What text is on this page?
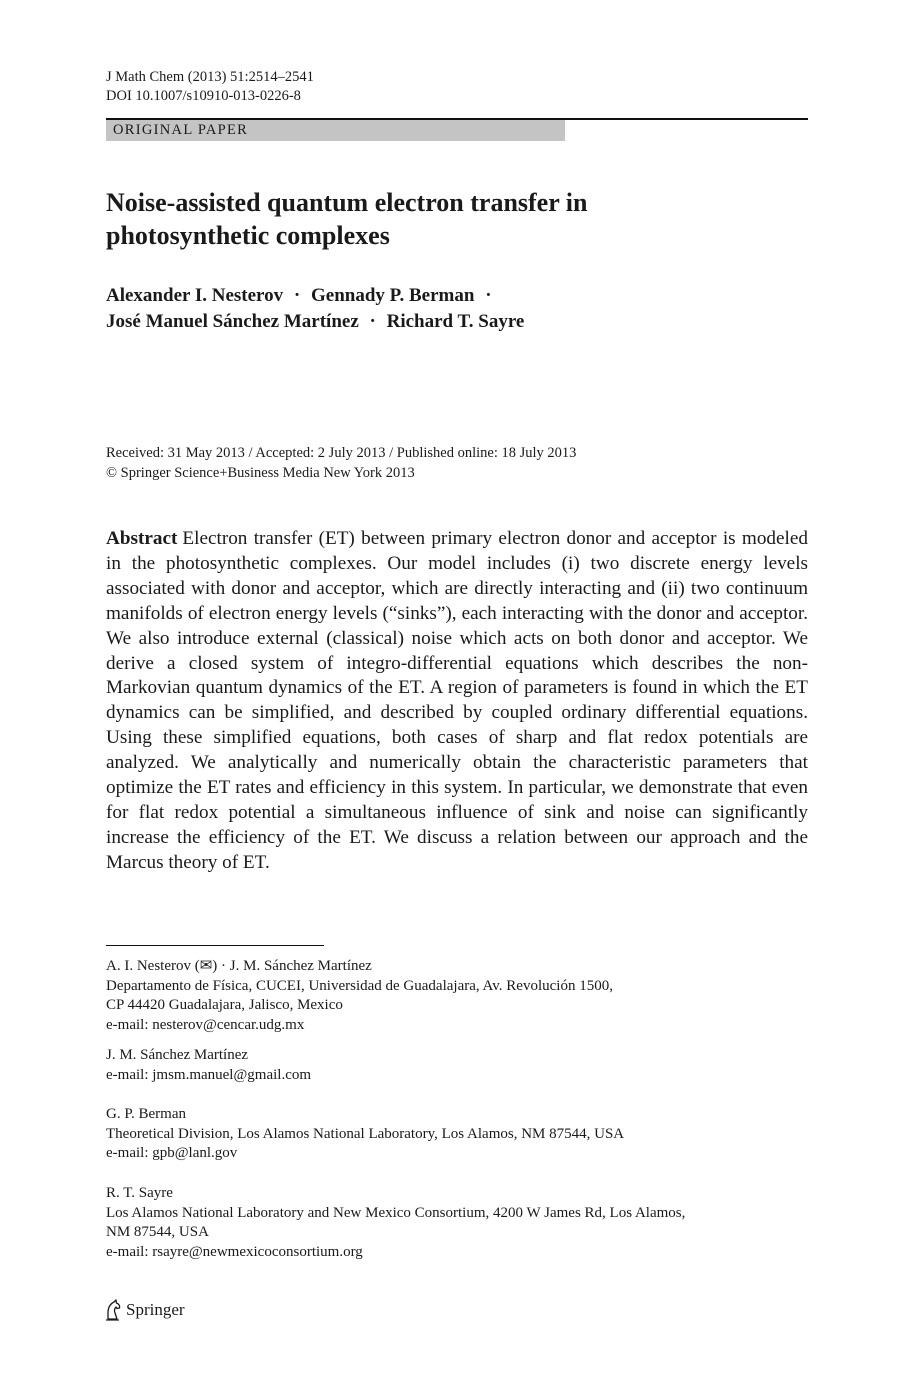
J Math Chem (2013) 51:2514–2541
DOI 10.1007/s10910-013-0226-8
ORIGINAL PAPER
Noise-assisted quantum electron transfer in
photosynthetic complexes
Alexander I. Nesterov · Gennady P. Berman ·
José Manuel Sánchez Martínez · Richard T. Sayre
Received: 31 May 2013 / Accepted: 2 July 2013 / Published online: 18 July 2013
© Springer Science+Business Media New York 2013

Abstract Electron transfer (ET) between primary electron donor and acceptor is modeled in the photosynthetic complexes. Our model includes (i) two discrete energy levels associated with donor and acceptor, which are directly interacting and (ii) two continuum manifolds of electron energy levels (“sinks”), each interacting with the donor and acceptor. We also introduce external (classical) noise which acts on both donor and acceptor. We derive a closed system of integro-differential equations which describes the non-Markovian quantum dynamics of the ET. A region of parameters is found in which the ET dynamics can be simplified, and described by coupled ordinary differential equations. Using these simplified equations, both cases of sharp and flat redox potentials are analyzed. We analytically and numerically obtain the characteristic parameters that optimize the ET rates and efficiency in this system. In particular, we demonstrate that even for flat redox potential a simultaneous influence of sink and noise can significantly increase the efficiency of the ET. We discuss a relation between our approach and the Marcus theory of ET.

A. I. Nesterov (✉) · J. M. Sánchez Martínez
Departamento de Física, CUCEI, Universidad de Guadalajara, Av. Revolución 1500,
CP 44420 Guadalajara, Jalisco, Mexico
e-mail: nesterov@cencar.udg.mx
J. M. Sánchez Martínez
e-mail: jmsm.manuel@gmail.com
G. P. Berman
Theoretical Division, Los Alamos National Laboratory, Los Alamos, NM 87544, USA
e-mail: gpb@lanl.gov
R. T. Sayre
Los Alamos National Laboratory and New Mexico Consortium, 4200 W James Rd, Los Alamos,
NM 87544, USA
e-mail: rsayre@newmexicoconsortium.org
Springer
